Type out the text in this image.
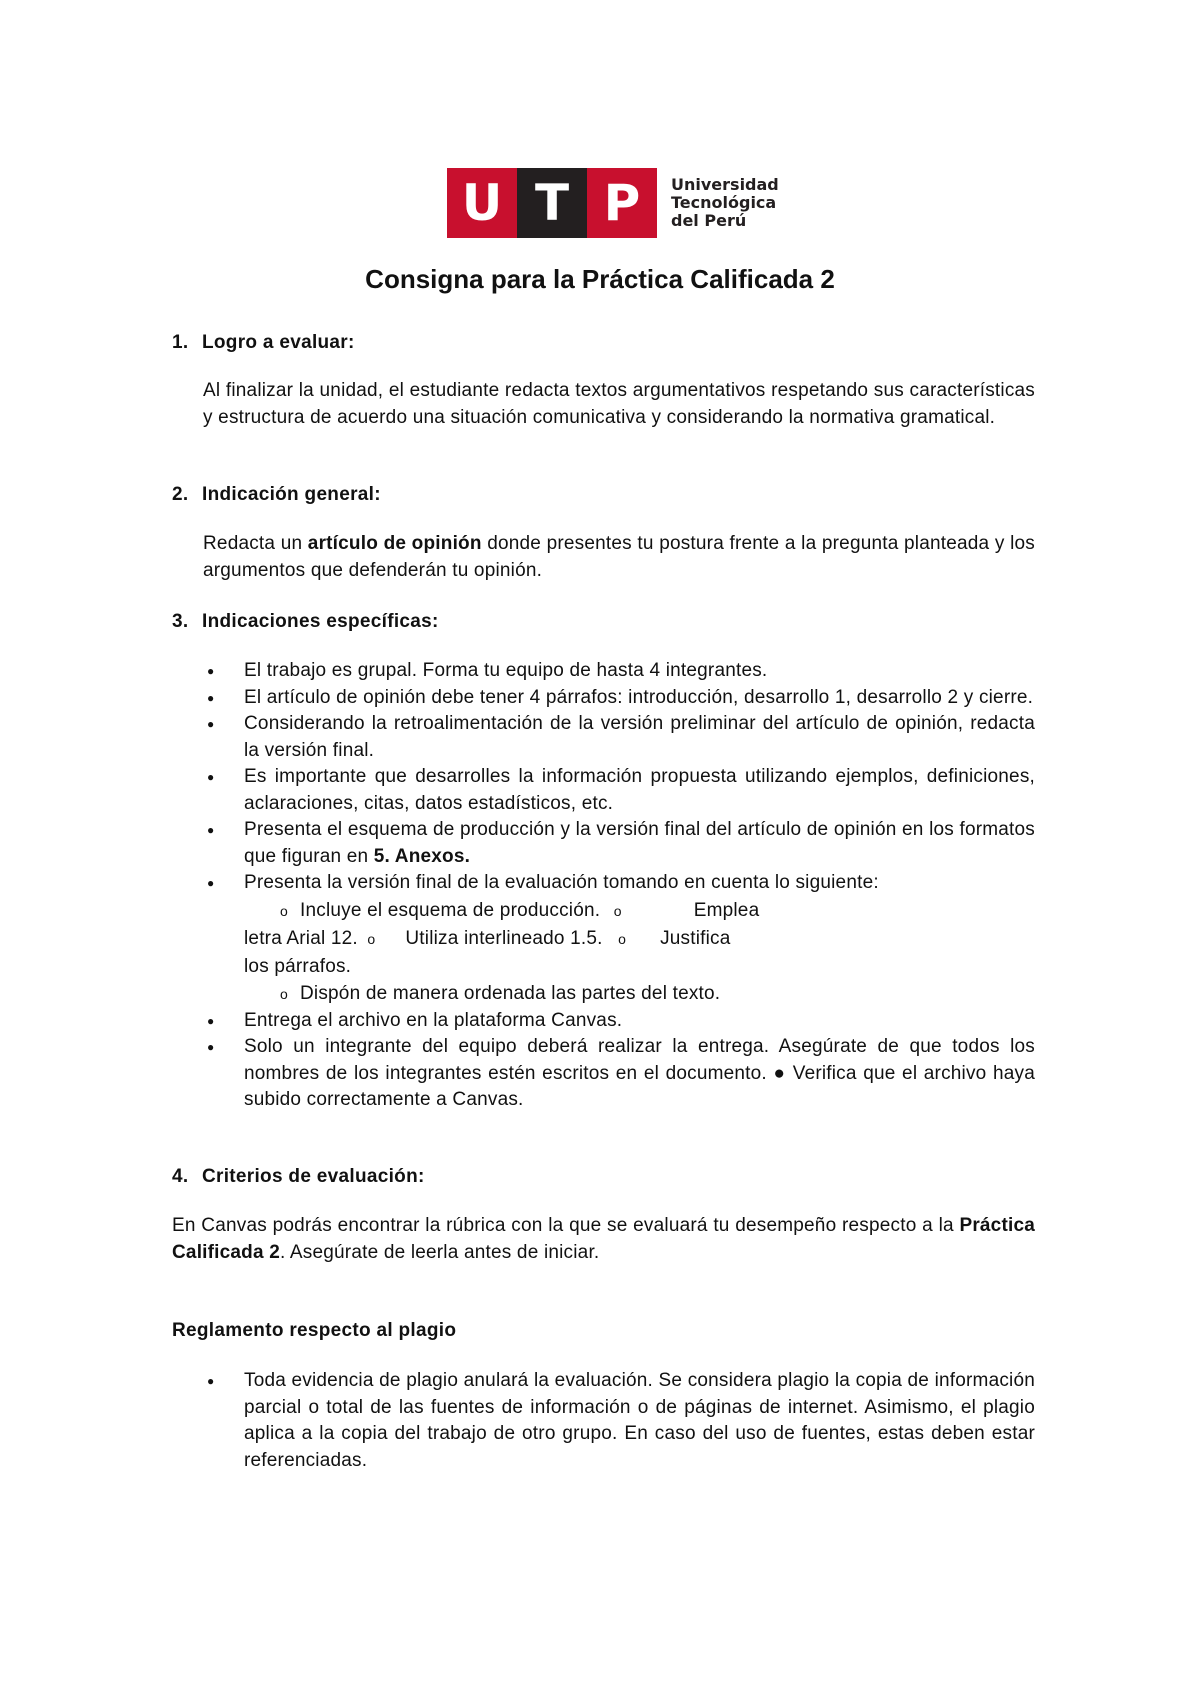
U T P	Universidad
Tecnológica
del Perú
Consigna para la Práctica Calificada 2
1. Logro a evaluar:
Al finalizar la unidad, el estudiante redacta textos argumentativos respetando sus características y estructura de acuerdo una situación comunicativa y considerando la normativa gramatical.
2. Indicación general:
Redacta un artículo de opinión donde presentes tu postura frente a la pregunta planteada y los argumentos que defenderán tu opinión.
3. Indicaciones específicas:
● El trabajo es grupal. Forma tu equipo de hasta 4 integrantes.
● El artículo de opinión debe tener 4 párrafos: introducción, desarrollo 1, desarrollo 2 y cierre.
● Considerando la retroalimentación de la versión preliminar del artículo de opinión, redacta la versión final.
● Es importante que desarrolles la información propuesta utilizando ejemplos, definiciones, aclaraciones, citas, datos estadísticos, etc.
● Presenta el esquema de producción y la versión final del artículo de opinión en los formatos que figuran en 5. Anexos.
● Presenta la versión final de la evaluación tomando en cuenta lo siguiente:
o Incluye el esquema de producción. o	Emplea
letra Arial 12. o Utiliza interlineado 1.5. o Justifica
los párrafos.
o Dispón de manera ordenada las partes del texto.
● Entrega el archivo en la plataforma Canvas.
● Solo un integrante del equipo deberá realizar la entrega. Asegúrate de que todos los nombres de los integrantes estén escritos en el documento. ● Verifica que el archivo haya subido correctamente a Canvas.
4. Criterios de evaluación:
En Canvas podrás encontrar la rúbrica con la que se evaluará tu desempeño respecto a la Práctica Calificada 2. Asegúrate de leerla antes de iniciar.
Reglamento respecto al plagio
● Toda evidencia de plagio anulará la evaluación. Se considera plagio la copia de información parcial o total de las fuentes de información o de páginas de internet. Asimismo, el plagio aplica a la copia del trabajo de otro grupo. En caso del uso de fuentes, estas deben estar referenciadas.
